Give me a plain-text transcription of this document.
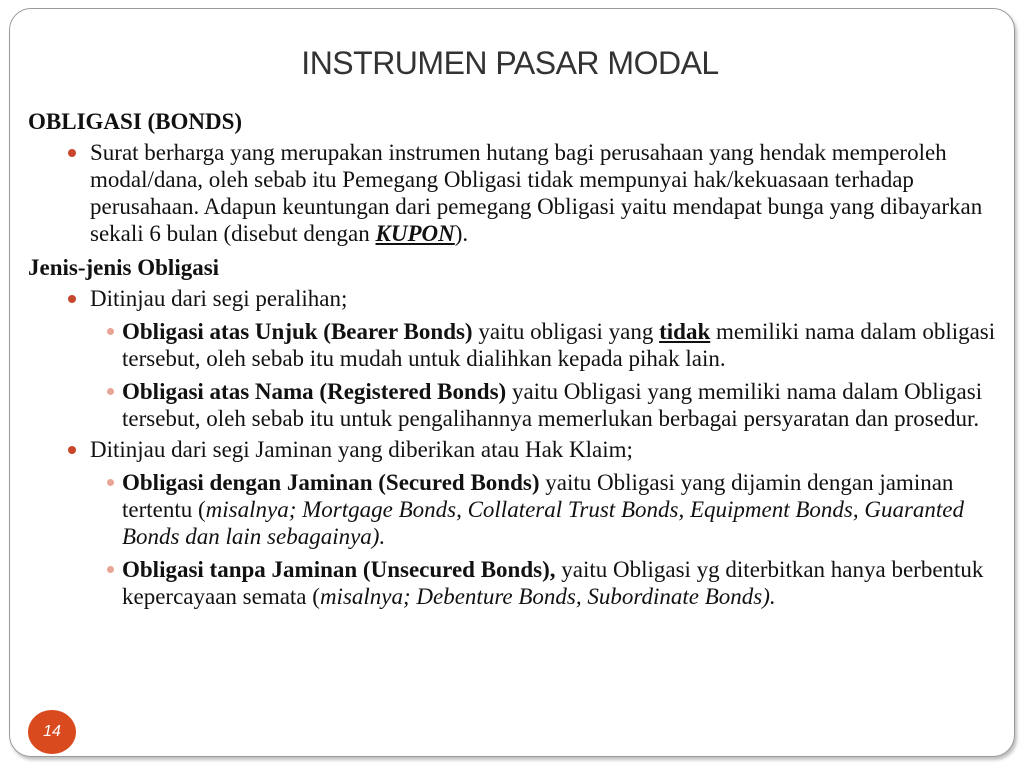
INSTRUMEN PASAR MODAL

OBLIGASI (BONDS)

Surat berharga yang merupakan instrumen hutang bagi perusahaan yang hendak memperoleh modal/dana, oleh sebab itu Pemegang Obligasi tidak mempunyai hak/kekuasaan terhadap perusahaan. Adapun keuntungan dari pemegang Obligasi yaitu mendapat bunga yang dibayarkan sekali 6 bulan (disebut dengan KUPON).

Jenis-jenis Obligasi

Ditinjau dari segi peralihan;
Obligasi atas Unjuk (Bearer Bonds) yaitu obligasi yang tidak memiliki nama dalam obligasi tersebut, oleh sebab itu mudah untuk dialihkan kepada pihak lain.
Obligasi atas Nama (Registered Bonds) yaitu Obligasi yang memiliki nama dalam Obligasi tersebut, oleh sebab itu untuk pengalihannya memerlukan berbagai persyaratan dan prosedur.
Ditinjau dari segi Jaminan yang diberikan atau Hak Klaim;
Obligasi dengan Jaminan (Secured Bonds) yaitu Obligasi yang dijamin dengan jaminan tertentu (misalnya; Mortgage Bonds, Collateral Trust Bonds, Equipment Bonds, Guaranted Bonds dan lain sebagainya).
Obligasi tanpa Jaminan (Unsecured Bonds), yaitu Obligasi yg diterbitkan hanya berbentuk kepercayaan semata (misalnya; Debenture Bonds, Subordinate Bonds).
14
